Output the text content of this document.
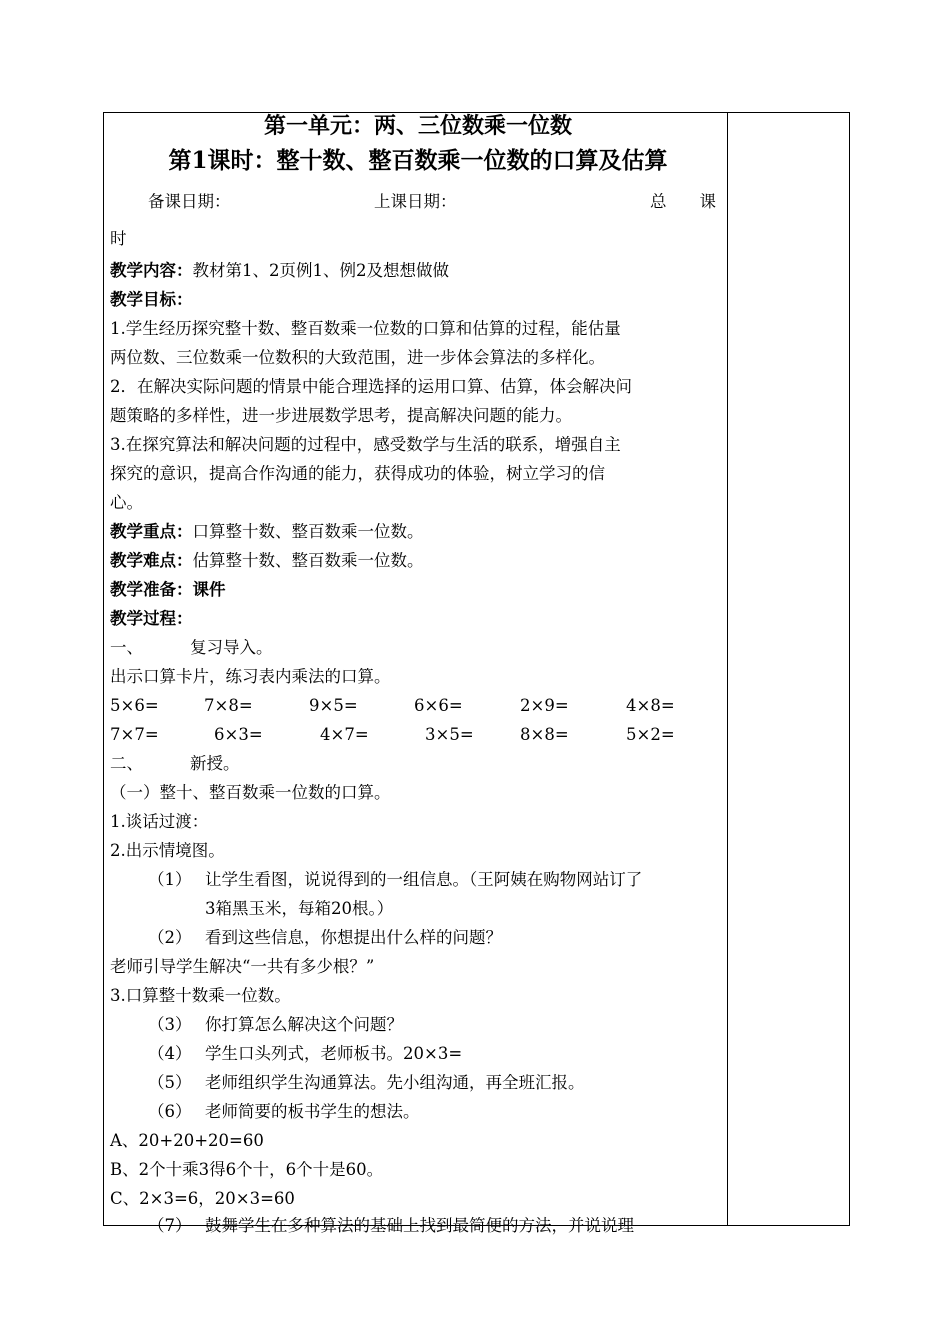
第一单元：两、三位数乘一位数
第1课时：整十数、整百数乘一位数的口算及估算
备课日期：	上课日期：	总　　课
时
教学内容：教材第1、2页例1、例2及想想做做
教学目标：
1.学生经历探究整十数、整百数乘一位数的口算和估算的过程，能估量
两位数、三位数乘一位数积的大致范围，进一步体会算法的多样化。
2．在解决实际问题的情景中能合理选择的运用口算、估算，体会解决问
题策略的多样性，进一步进展数学思考，提高解决问题的能力。
3.在探究算法和解决问题的过程中，感受数学与生活的联系，增强自主
探究的意识，提高合作沟通的能力，获得成功的体验，树立学习的信
心。
教学重点：口算整十数、整百数乘一位数。
教学难点：估算整十数、整百数乘一位数。
教学准备：课件
教学过程：
一、	复习导入。
出示口算卡片，练习表内乘法的口算。
5×6=	7×8=	9×5=	6×6=	2×9=	4×8=
7×7=	6×3=	4×7=	3×5=	8×8=	5×2=
二、	新授。
（一）整十、整百数乘一位数的口算。
1.谈话过渡：
2.出示情境图。
（1） 让学生看图，说说得到的一组信息。（王阿姨在购物网站订了
3箱黑玉米，每箱20根。）
（2） 看到这些信息，你想提出什么样的问题？
老师引导学生解决“一共有多少根？”
3.口算整十数乘一位数。
（3） 你打算怎么解决这个问题？
（4） 学生口头列式，老师板书。20×3=
（5） 老师组织学生沟通算法。先小组沟通，再全班汇报。
（6） 老师简要的板书学生的想法。
A、20+20+20=60
B、2个十乘3得6个十，6个十是60。
C、2×3=6，20×3=60
（7） 鼓舞学生在多种算法的基础上找到最简便的方法，并说说理
